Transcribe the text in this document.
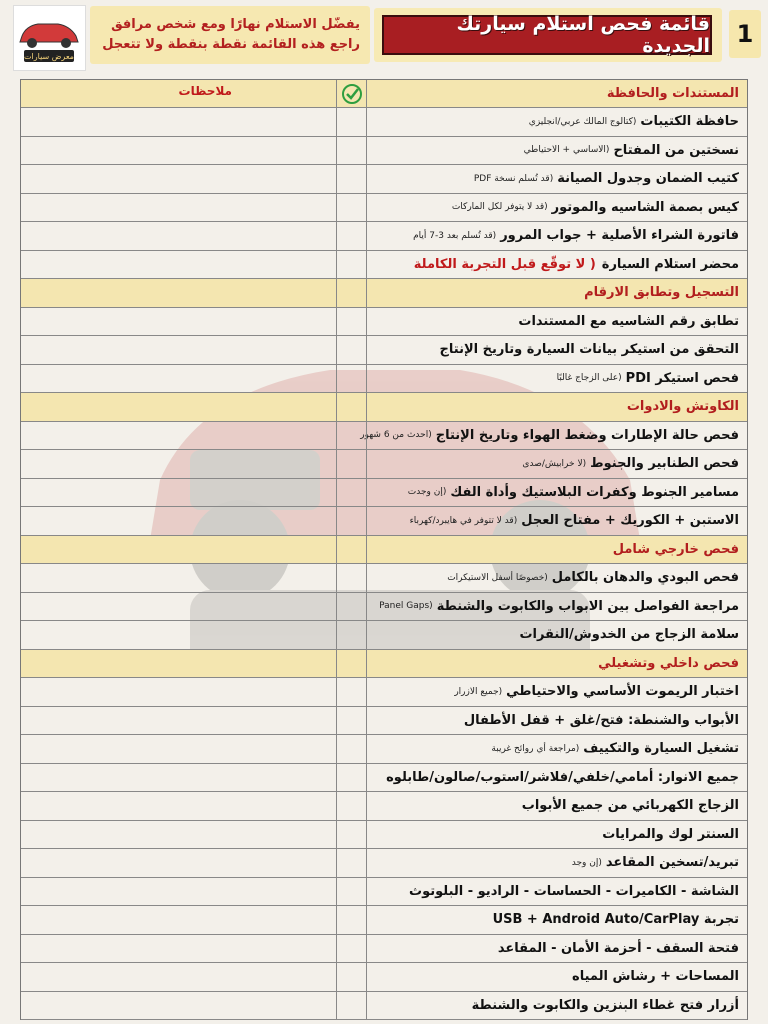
1
قائمة فحص استلام سيارتك الجديدة
يفضّل الاستلام نهارًا ومع شخص مرافق
راجع هذه القائمة نقطة بنقطة ولا تتعجل
معرض سيارات
ملاحظات	المستندات والحافظة
حافظة الكتيبات
(كتالوج المالك عربي/انجليزي
نسختين من المفتاح
(الاساسي + الاحتياطي
كتيب الضمان وجدول الصيانة
(قد تُسلم نسخة PDF
كيس بصمة الشاسيه والموتور
(قد لا يتوفر لكل الماركات
فاتورة الشراء الأصلية + جواب المرور
(قد تُسلم بعد 3-7 أيام
محضر استلام السيارة
( لا توقّع قبل التجربة الكاملة
التسجيل وتطابق الارقام
تطابق رقم الشاسيه مع المستندات
التحقق من استيكر بيانات السيارة وتاريخ الإنتاج
فحص استيكر PDI
(على الزجاج غالبًا
الكاوتش والادوات
فحص حالة الإطارات وضغط الهواء وتاريخ الإنتاج
(احدث من 6 شهور
فحص الطنابير والجنوط
(لا خرابيش/صدى
مسامير الجنوط وكفرات البلاستيك وأداة الفك
(إن وجدت
الاستبن + الكوريك + مفتاح العجل
(قد لا تتوفر في هايبرد/كهرباء
فحص خارجي شامل
فحص البودي والدهان بالكامل
(خصوصًا أسفل الاستيكرات
مراجعة الفواصل بين الابواب والكابوت والشنطة
(Panel Gaps
سلامة الزجاج من الخدوش/النقرات
فحص داخلي وتشغيلي
اختبار الريموت الأساسي والاحتياطي
(جميع الازرار
الأبواب والشنطة: فتح/غلق + قفل الأطفال
تشغيل السيارة والتكييف
(مراجعة أي روائح غريبة
جميع الانوار: أمامي/خلفي/فلاشر/استوب/صالون/طابلوه
الزجاج الكهربائي من جميع الأبواب
السنتر لوك والمرايات
تبريد/تسخين المقاعد
(إن وجد
الشاشة - الكاميرات - الحساسات - الراديو - البلوتوث
تجربة USB + Android Auto/CarPlay
فتحة السقف - أحزمة الأمان - المقاعد
المساحات + رشاش المياه
أزرار فتح غطاء البنزين والكابوت والشنطة
